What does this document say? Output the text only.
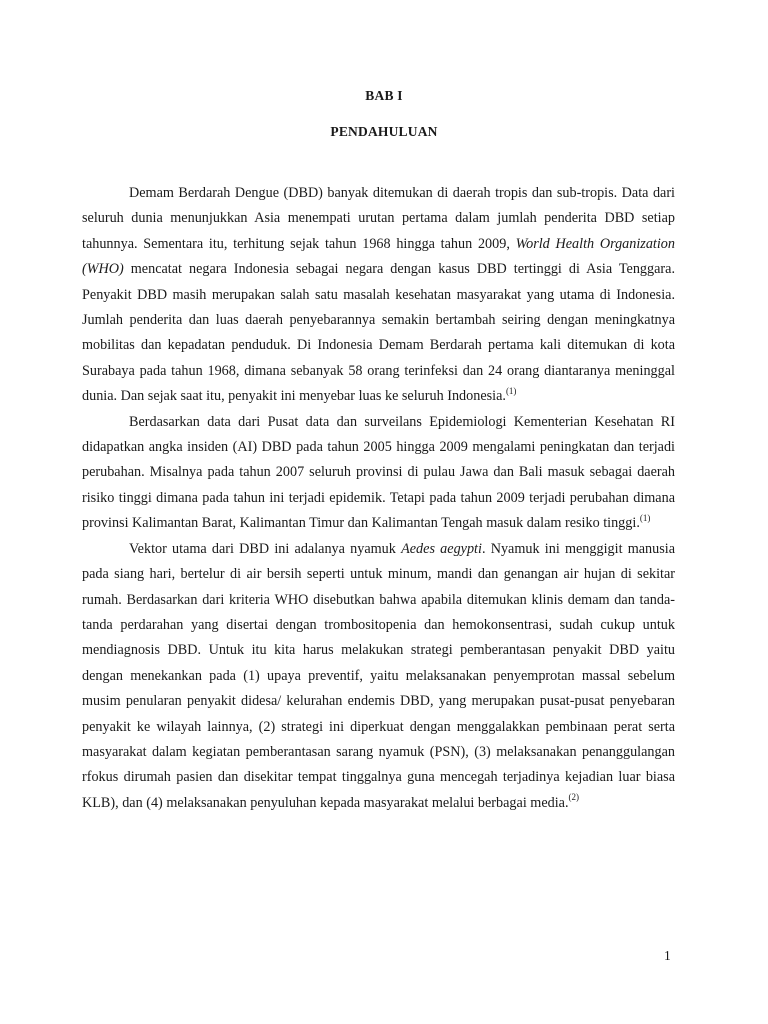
BAB I
PENDAHULUAN

Demam Berdarah Dengue (DBD) banyak ditemukan di daerah tropis dan sub-tropis. Data dari seluruh dunia menunjukkan Asia menempati urutan pertama dalam jumlah penderita DBD setiap tahunnya. Sementara itu, terhitung sejak tahun 1968 hingga tahun 2009, World Health Organization (WHO) mencatat negara Indonesia sebagai negara dengan kasus DBD tertinggi di Asia Tenggara. Penyakit DBD masih merupakan salah satu masalah kesehatan masyarakat yang utama di Indonesia. Jumlah penderita dan luas daerah penyebarannya semakin bertambah seiring dengan meningkatnya mobilitas dan kepadatan penduduk. Di Indonesia Demam Berdarah pertama kali ditemukan di kota Surabaya pada tahun 1968, dimana sebanyak 58 orang terinfeksi dan 24 orang diantaranya meninggal dunia. Dan sejak saat itu, penyakit ini menyebar luas ke seluruh Indonesia.$^{(1)}$

Berdasarkan data dari Pusat data dan surveilans Epidemiologi Kementerian Kesehatan RI didapatkan angka insiden (AI) DBD pada tahun 2005 hingga 2009 mengalami peningkatan dan terjadi perubahan. Misalnya pada tahun 2007 seluruh provinsi di pulau Jawa dan Bali masuk sebagai daerah risiko tinggi dimana pada tahun ini terjadi epidemik. Tetapi pada tahun 2009 terjadi perubahan dimana provinsi Kalimantan Barat, Kalimantan Timur dan Kalimantan Tengah masuk dalam resiko tinggi.$^{(1)}$

Vektor utama dari DBD ini adalanya nyamuk Aedes aegypti. Nyamuk ini menggigit manusia pada siang hari, bertelur di air bersih seperti untuk minum, mandi dan genangan air hujan di sekitar rumah. Berdasarkan dari kriteria WHO disebutkan bahwa apabila ditemukan klinis demam dan tanda-tanda perdarahan yang disertai dengan trombositopenia dan hemokonsentrasi, sudah cukup untuk mendiagnosis DBD. Untuk itu kita harus melakukan strategi pemberantasan penyakit DBD yaitu dengan menekankan pada (1) upaya preventif, yaitu melaksanakan penyemprotan massal sebelum musim penularan penyakit didesa/ kelurahan endemis DBD, yang merupakan pusat-pusat penyebaran penyakit ke wilayah lainnya, (2) strategi ini diperkuat dengan menggalakkan pembinaan perat serta masyarakat dalam kegiatan pemberantasan sarang nyamuk (PSN), (3) melaksanakan penanggulangan rfokus dirumah pasien dan disekitar tempat tinggalnya guna mencegah terjadinya kejadian luar biasa KLB), dan (4) melaksanakan penyuluhan kepada masyarakat melalui berbagai media.$^{(2)}$

1
